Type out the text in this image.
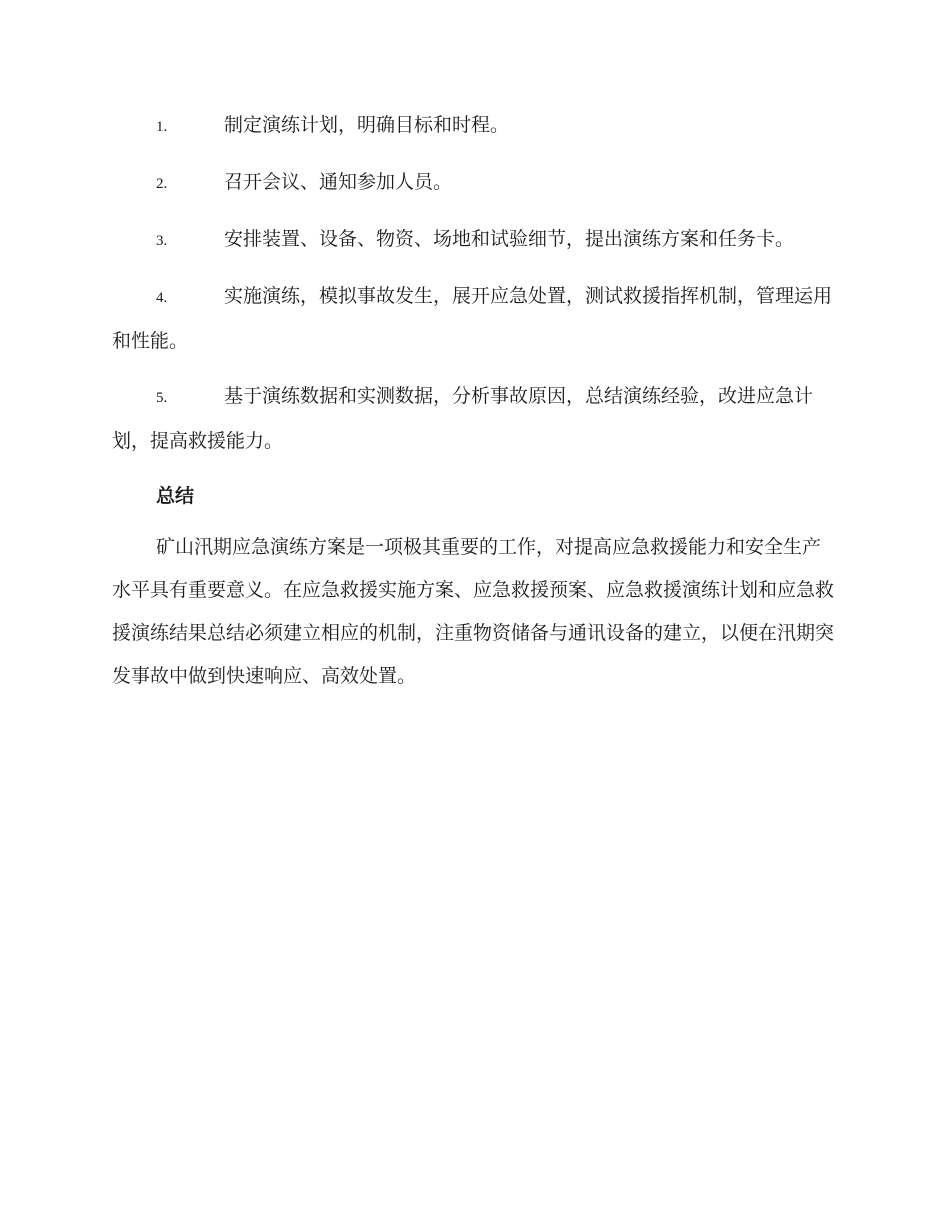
1.	制定演练计划，明确目标和时程。

2.	召开会议、通知参加人员。

3.	安排装置、设备、物资、场地和试验细节，提出演练方案和任务卡。

4.	实施演练，模拟事故发生，展开应急处置，测试救援指挥机制，管理运用和性能。

5.	基于演练数据和实测数据，分析事故原因，总结演练经验，改进应急计划，提高救援能力。

总结

矿山汛期应急演练方案是一项极其重要的工作，对提高应急救援能力和安全生产水平具有重要意义。在应急救援实施方案、应急救援预案、应急救援演练计划和应急救援演练结果总结必须建立相应的机制，注重物资储备与通讯设备的建立，以便在汛期突发事故中做到快速响应、高效处置。
